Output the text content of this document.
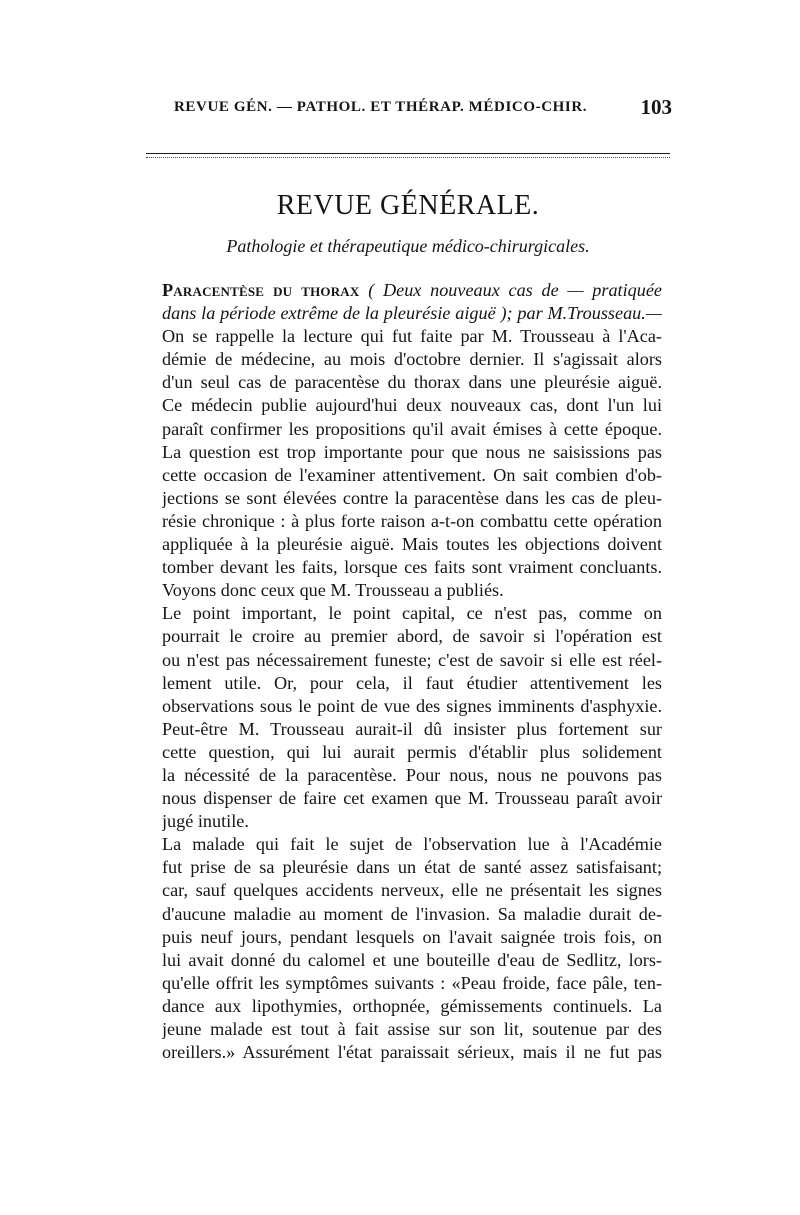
REVUE GÉN. — PATHOL. ET THÉRAP. MÉDICO-CHIR.	103
REVUE GÉNÉRALE.
Pathologie et thérapeutique médico-chirurgicales.
Paracentèse du thorax ( Deux nouveaux cas de — pratiquée
dans la période extrême de la pleurésie aiguë ); par M.Trousseau.—
On se rappelle la lecture qui fut faite par M. Trousseau à l'Aca-
démie de médecine, au mois d'octobre dernier. Il s'agissait alors
d'un seul cas de paracentèse du thorax dans une pleurésie aiguë.
Ce médecin publie aujourd'hui deux nouveaux cas, dont l'un lui
paraît confirmer les propositions qu'il avait émises à cette époque.
La question est trop importante pour que nous ne saisissions pas
cette occasion de l'examiner attentivement. On sait combien d'ob-
jections se sont élevées contre la paracentèse dans les cas de pleu-
résie chronique : à plus forte raison a-t-on combattu cette opération
appliquée à la pleurésie aiguë. Mais toutes les objections doivent
tomber devant les faits, lorsque ces faits sont vraiment concluants.
Voyons donc ceux que M. Trousseau a publiés.
Le point important, le point capital, ce n'est pas, comme on
pourrait le croire au premier abord, de savoir si l'opération est
ou n'est pas nécessairement funeste; c'est de savoir si elle est réel-
lement utile. Or, pour cela, il faut étudier attentivement les
observations sous le point de vue des signes imminents d'asphyxie.
Peut-être M. Trousseau aurait-il dû insister plus fortement sur
cette question, qui lui aurait permis d'établir plus solidement
la nécessité de la paracentèse. Pour nous, nous ne pouvons pas
nous dispenser de faire cet examen que M. Trousseau paraît avoir
jugé inutile.
La malade qui fait le sujet de l'observation lue à l'Académie
fut prise de sa pleurésie dans un état de santé assez satisfaisant;
car, sauf quelques accidents nerveux, elle ne présentait les signes
d'aucune maladie au moment de l'invasion. Sa maladie durait de-
puis neuf jours, pendant lesquels on l'avait saignée trois fois, on
lui avait donné du calomel et une bouteille d'eau de Sedlitz, lors-
qu'elle offrit les symptômes suivants : «Peau froide, face pâle, ten-
dance aux lipothymies, orthopnée, gémissements continuels. La
jeune malade est tout à fait assise sur son lit, soutenue par des
oreillers.» Assurément l'état paraissait sérieux, mais il ne fut pas
